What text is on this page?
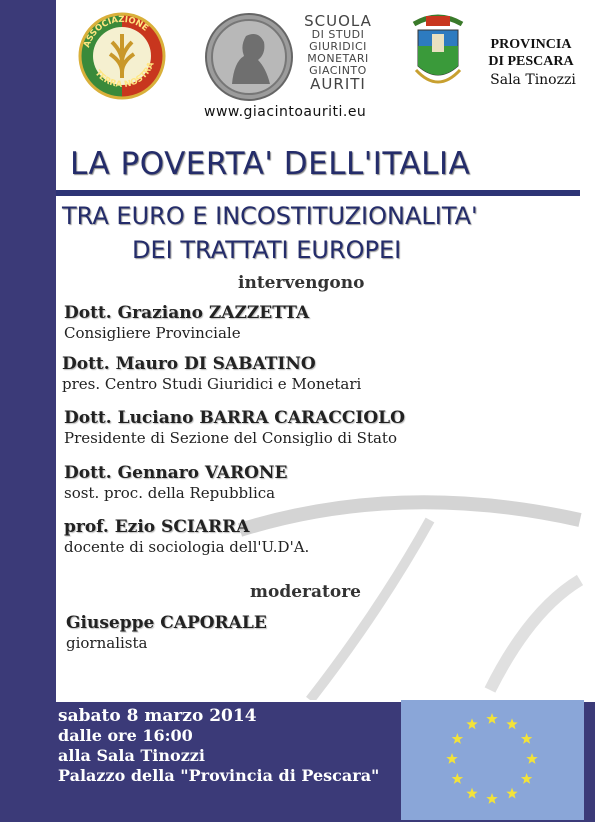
ASSOCIAZIONE
TERRA NOSTRA
SCUOLA
DI STUDI
GIURIDICI
MONETARI
GIACINTO
AURITI
www.giacintoauriti.eu
PROVINCIA
DI PESCARA
Sala Tinozzi
LA POVERTA' DELL'ITALIA
TRA EURO E INCOSTITUZIONALITA'
DEI TRATTATI EUROPEI
intervengono
Dott. Graziano ZAZZETTA
Consigliere Provinciale
Dott. Mauro DI SABATINO
pres. Centro Studi Giuridici e Monetari
Dott. Luciano BARRA CARACCIOLO
Presidente di Sezione del Consiglio di Stato
Dott. Gennaro VARONE
sost. proc. della Repubblica
prof. Ezio SCIARRA
docente di sociologia dell'U.D'A.
moderatore
Giuseppe CAPORALE
giornalista
sabato 8 marzo 2014
dalle ore 16:00
alla Sala Tinozzi
Palazzo della "Provincia di Pescara"
